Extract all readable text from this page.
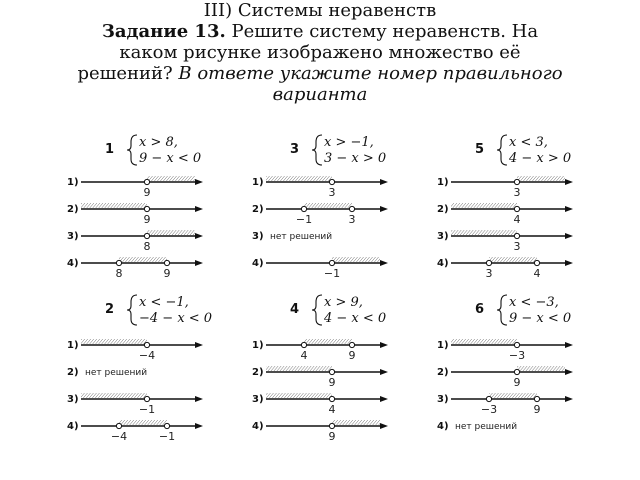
III) Системы неравенств
Задание 13. Решите систему неравенств. На
каком рисунке изображено множество её
решений? В ответе укажите номер правильного
варианта
1 x > 8,
9 − x < 0
1)
9
2)
9
3)
8
4)
8	9
3 x > −1,
3 − x > 0
1)
3
2)
−1	3
3) нет решений
4)
−1
5 x < 3,
4 − x > 0
1)
3
2)
4
3)
3
4)
3	4
2 x < −1,
−4 − x < 0
1)
−4
2) нет решений
3)
−1
4)
−4	−1
4 x > 9,
4 − x < 0
1)
4	9
2)
9
3)
4
4)
9
6 x < −3,
9 − x < 0
1)
−3
2)
9
3)
−3	9
4) нет решений
